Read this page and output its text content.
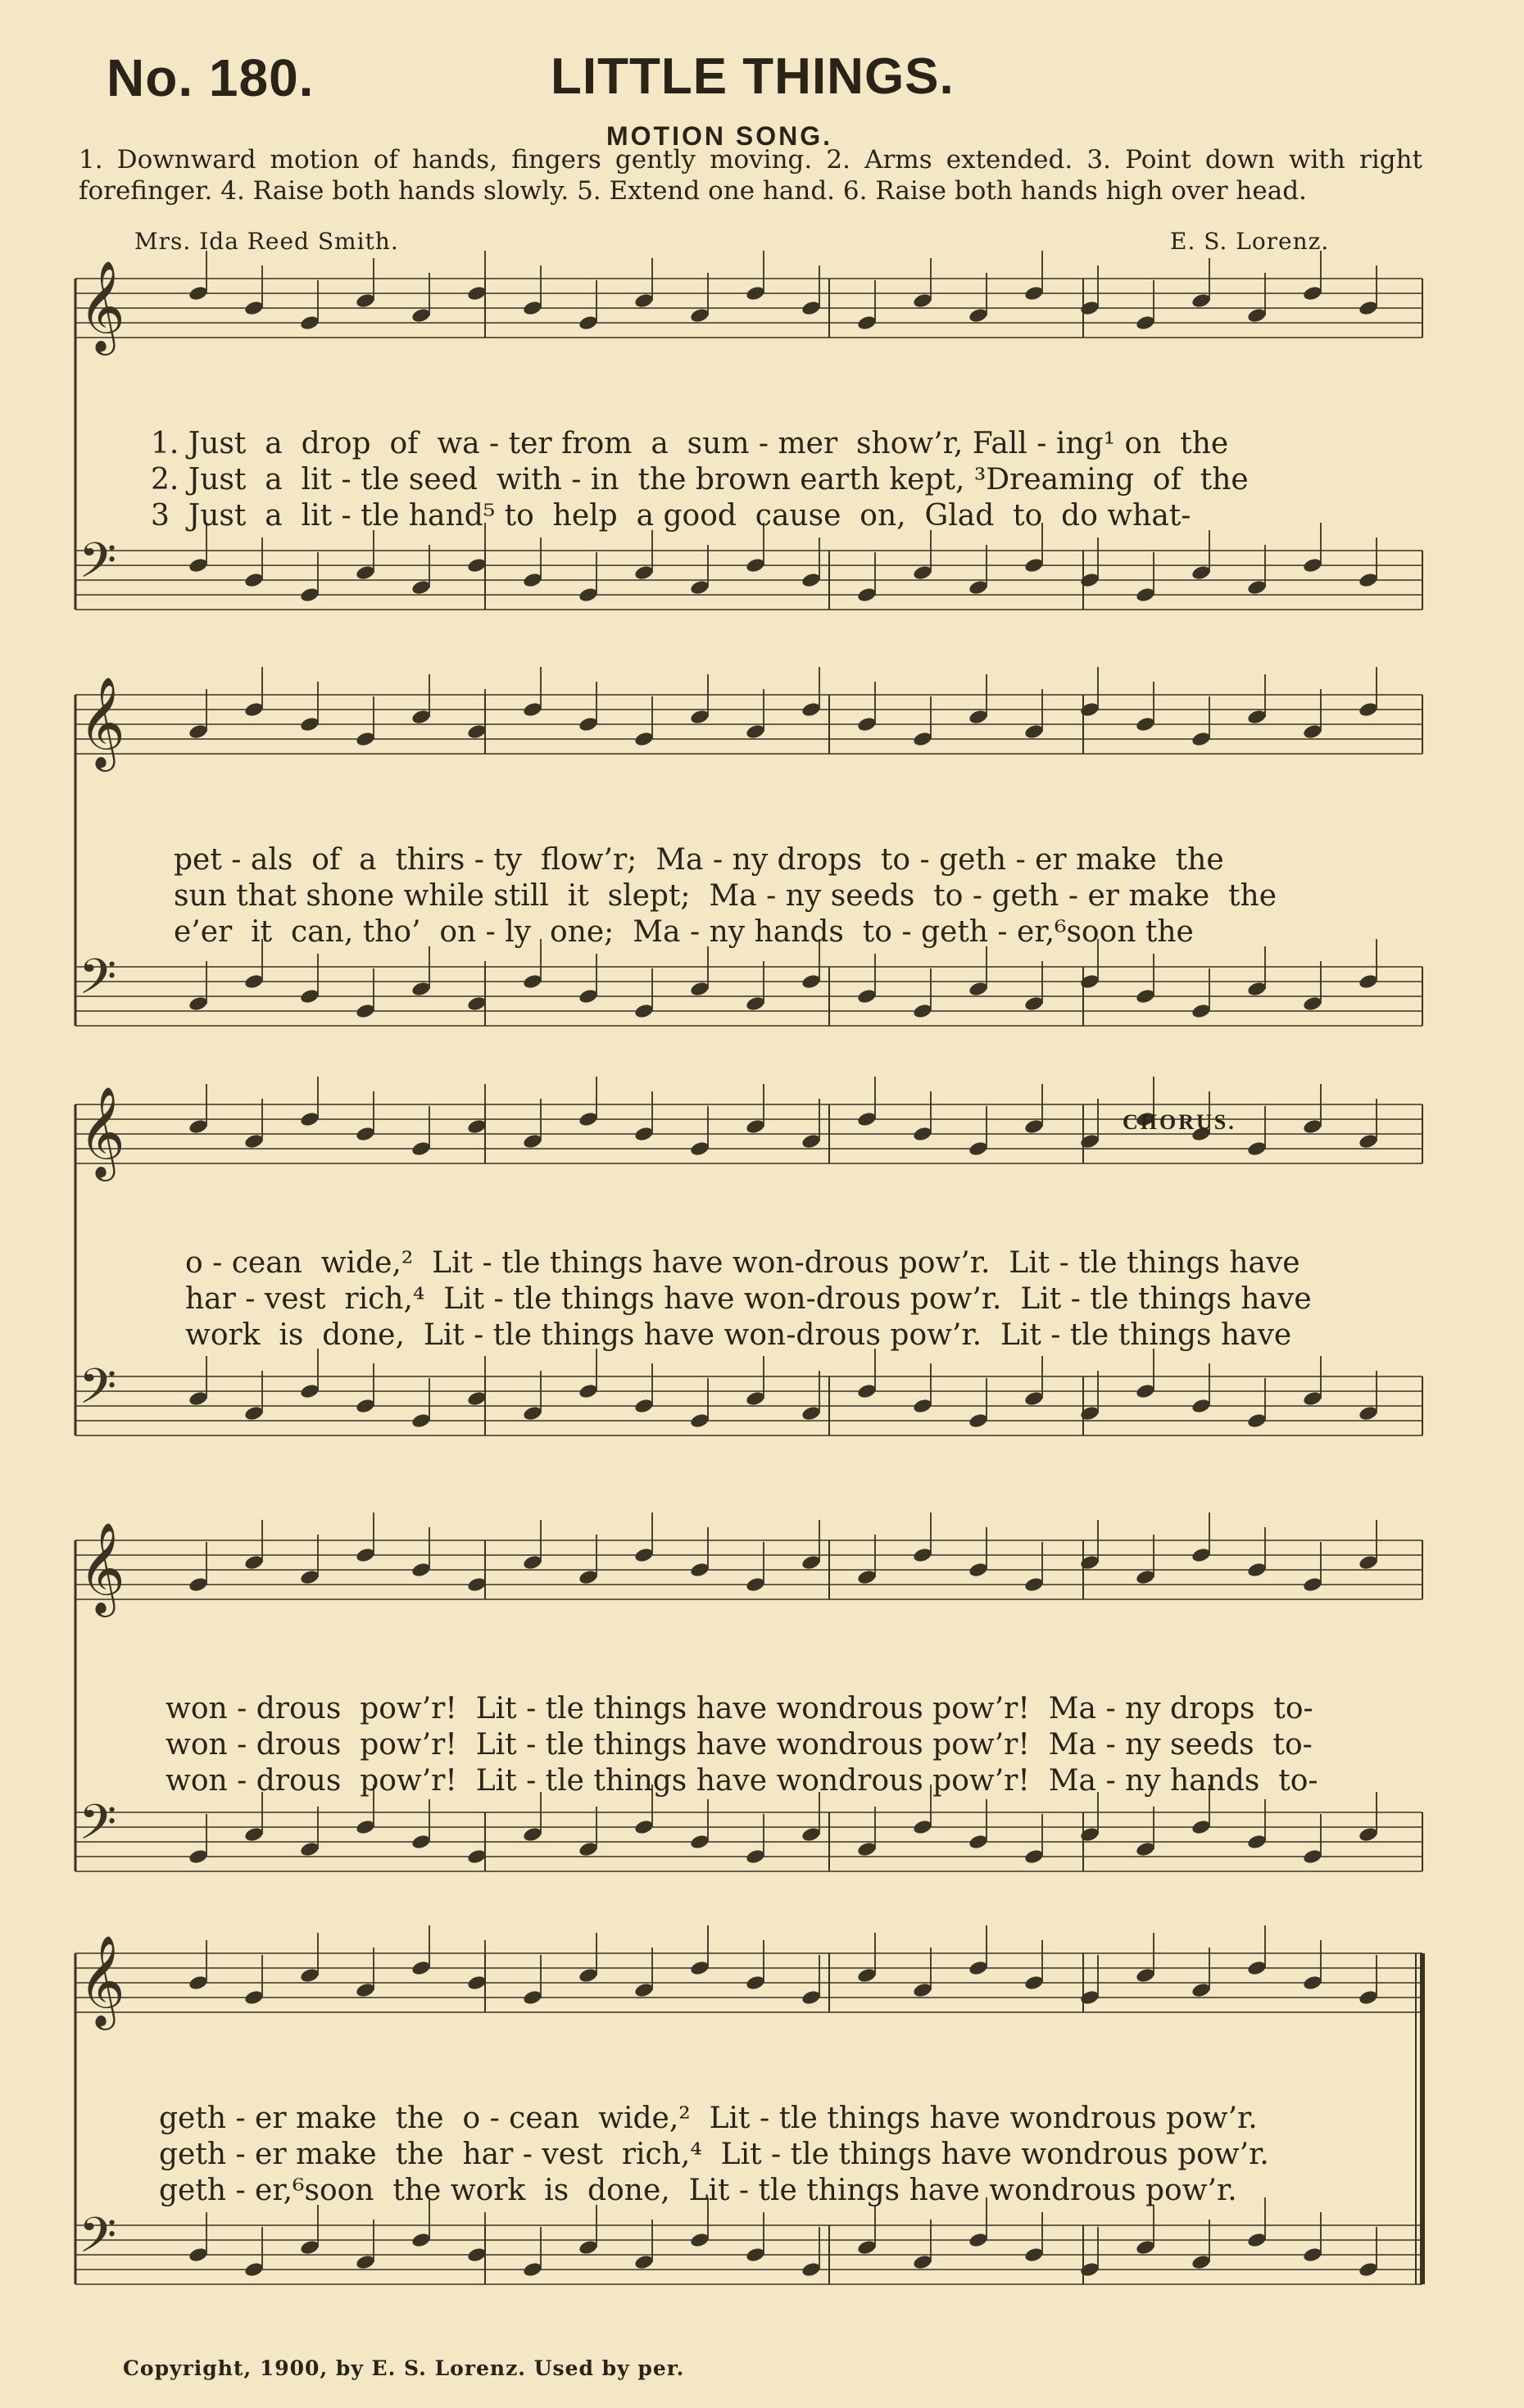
No. 180.	LITTLE THINGS.
MOTION SONG.
1. Downward motion of hands, fingers gently moving. 2. Arms extended. 3. Point down with right forefinger. 4. Raise both hands slowly. 5. Extend one hand. 6. Raise both hands high over head.
Mrs. Ida Reed Smith.	E. S. Lorenz.
𝄞
𝄢
𝄞
𝄢
𝄞
𝄢
𝄞
𝄢
𝄞
𝄢
CHORUS.
1. Just  a  drop  of  wa - ter from  a  sum - mer  show’r, Fall - ing¹ on  the
2. Just  a  lit - tle seed  with - in  the brown earth kept, ³Dreaming  of  the
3  Just  a  lit - tle hand⁵ to  help  a good  cause  on,  Glad  to  do what-
pet - als  of  a  thirs - ty  flow’r;  Ma - ny drops  to - geth - er make  the
sun that shone while still  it  slept;  Ma - ny seeds  to - geth - er make  the
e’er  it  can, tho’  on - ly  one;  Ma - ny hands  to - geth - er,⁶soon the
o - cean  wide,²  Lit - tle things have won-drous pow’r.  Lit - tle things have
har - vest  rich,⁴  Lit - tle things have won-drous pow’r.  Lit - tle things have
work  is  done,  Lit - tle things have won-drous pow’r.  Lit - tle things have
won - drous  pow’r!  Lit - tle things have wondrous pow’r!  Ma - ny drops  to-
won - drous  pow’r!  Lit - tle things have wondrous pow’r!  Ma - ny seeds  to-
won - drous  pow’r!  Lit - tle things have wondrous pow’r!  Ma - ny hands  to-
geth - er make  the  o - cean  wide,²  Lit - tle things have wondrous pow’r.
geth - er make  the  har - vest  rich,⁴  Lit - tle things have wondrous pow’r.
geth - er,⁶soon  the work  is  done,  Lit - tle things have wondrous pow’r.
Copyright, 1900, by E. S. Lorenz. Used by per.
